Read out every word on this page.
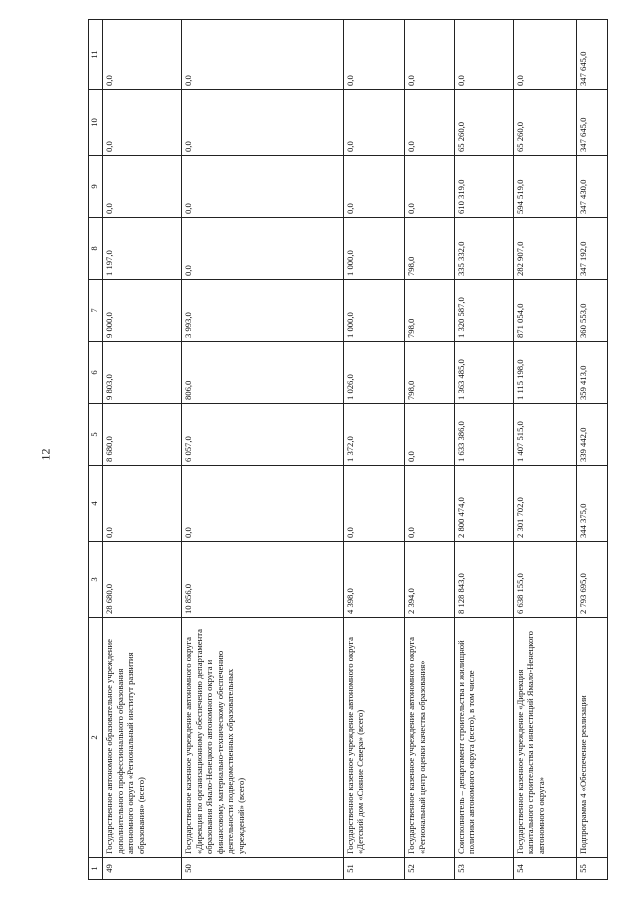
12
1	2	3	4	5	6	7	8	9	10	11
49	Государственное автономное образовательное учреждение дополнительного профессионального образования автономного округа «Региональный институт развития образования» (всего)	28 680,0	0,0	8 680,0	9 803,0	9 000,0	1 197,0	0,0	0,0	0,0
50	Государственное казенное учреждение автономного округа «Дирекция по организационному обеспечению департамента образования Ямало-Ненецкого автономного округа и финансовому, материально-техническому обеспечению деятельности подведомственных образовательных учреждений» (всего)	10 856,0	0,0	6 057,0	806,0	3 993,0	0,0	0,0	0,0	0,0
51	Государственное казенное учреждение автономного округа «Детский дом «Сияние Севера» (всего)	4 398,0	0,0	1 372,0	1 026,0	1 000,0	1 000,0	0,0	0,0	0,0
52	Государственное казенное учреждение автономного округа «Региональный центр оценки качества образования»	2 394,0	0,0	0,0	798,0	798,0	798,0	0,0	0,0	0,0
53	Соисполнитель – департамент строительства и жилищной политики автономного округа (всего), в том числе	8 128 843,0	2 800 474,0	1 633 386,0	1 363 485,0	1 320 587,0	335 332,0	610 319,0	65 260,0	0,0
54	Государственное казенное учреждение «Дирекция капитального строительства и инвестиций Ямало-Ненецкого автономного округа»	6 638 155,0	2 301 702,0	1 407 515,0	1 115 198,0	871 054,0	282 907,0	594 519,0	65 260,0	0,0
55	Подпрограмма 4 «Обеспечение реализации	2 793 695,0	344 375,0	339 442,0	359 413,0	360 553,0	347 192,0	347 430,0	347 645,0	347 645,0
